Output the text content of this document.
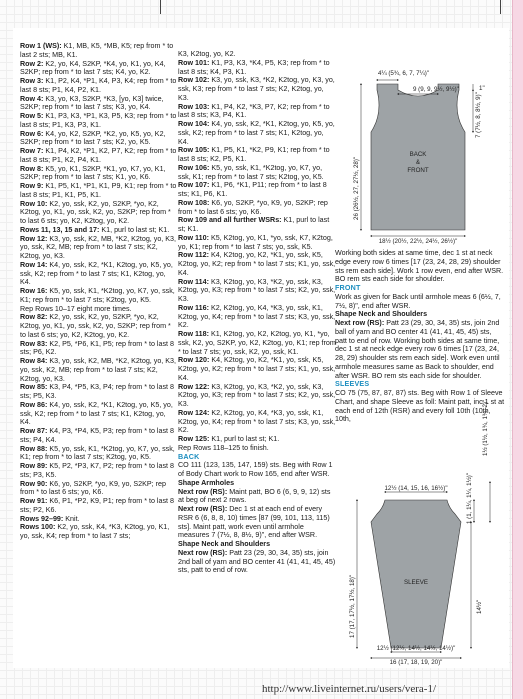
Row 1 (WS): K1, MB, K5, *MB, K5; rep from * to last 2 sts; MB, K1.

Row 2: K2, yo, K4, S2KP, *K4, yo, K1, yo, K4, S2KP; rep from * to last 7 sts; K4, yo, K2.

Row 3: K1, P2, K4, *P1, K4, P3, K4; rep from * to last 8 sts; P1, K4, P2, K1.

Row 4: K3, yo, K3, S2KP, *K3, [yo, K3] twice, S2KP; rep from * to last 7 sts; K3, yo, K4.

Row 5: K1, P3, K3, *P1, K3, P5, K3; rep from * to last 8 sts; P1, K3, P3, K1.

Row 6: K4, yo, K2, S2KP, *K2, yo, K5, yo, K2, S2KP; rep from * to last 7 sts; K2, yo, K5.

Row 7: K1, P4, K2, *P1, K2, P7, K2; rep from * to last 8 sts; P1, K2, P4, K1.

Row 8: K5, yo, K1, S2KP, *K1, yo, K7, yo, K1, S2KP; rep from * to last 7 sts; K1, yo, K6.

Row 9: K1, P5, K1, *P1, K1, P9, K1; rep from * to last 8 sts; P1, K1, P5, K1.

Row 10: K2, yo, ssk, K2, yo, S2KP, *yo, K2, K2tog, yo, K1, yo, ssk, K2, yo, S2KP; rep from * to last 6 sts; yo, K2, K2tog, yo, K2.

Rows 11, 13, 15 and 17: K1, purl to last st; K1.

Row 12: K3, yo, ssk, K2, MB, *K2, K2tog, yo, K3, yo, ssk, K2, MB; rep from * to last 7 sts; K2, K2tog, yo, K3.

Row 14: K4, yo, ssk, K2, *K1, K2tog, yo, K5, yo, ssk, K2; rep from * to last 7 sts; K1, K2tog, yo, K4.

Row 16: K5, yo, ssk, K1, *K2tog, yo, K7, yo, ssk, K1; rep from * to last 7 sts; K2tog, yo, K5.

Rep Rows 10–17 eight more times.

Row 82: K2, yo, ssk, K2, yo, S2KP, *yo, K2, K2tog, yo, K1, yo, ssk, K2, yo, S2KP; rep from * to last 6 sts; yo, K2, K2tog, yo, K2.

Row 83: K2, P5, *P6, K1, P5; rep from * to last 8 sts; P6, K2.

Row 84: K3, yo, ssk, K2, MB, *K2, K2tog, yo, K3, yo, ssk, K2, MB; rep from * to last 7 sts; K2, K2tog, yo, K3.

Row 85: K3, P4, *P5, K3, P4; rep from * to last 8 sts; P5, K3.

Row 86: K4, yo, ssk, K2, *K1, K2tog, yo, K5, yo, ssk, K2; rep from * to last 7 sts; K1, K2tog, yo, K4.

Row 87: K4, P3, *P4, K5, P3; rep from * to last 8 sts; P4, K4.

Row 88: K5, yo, ssk, K1, *K2tog, yo, K7, yo, ssk, K1; rep from * to last 7 sts; K2tog, yo, K5.

Row 89: K5, P2, *P3, K7, P2; rep from * to last 8 sts; P3, K5.

Row 90: K6, yo, S2KP, *yo, K9, yo, S2KP; rep from * to last 6 sts; yo, K6.

Row 91: K6, P1, *P2, K9, P1; rep from * to last 8 sts; P2, K6.

Rows 92–99: Knit.

Rows 100: K2, yo, ssk, K4, *K3, K2tog, yo, K1, yo, ssk, K4; rep from * to last 7 sts;

K3, K2tog, yo, K2.

Row 101: K1, P3, K3, *K4, P5, K3; rep from * to last 8 sts; K4, P3, K1.

Row 102: K3, yo, ssk, K3, *K2, K2tog, yo, K3, yo, ssk, K3; rep from * to last 7 sts; K2, K2tog, yo, K3.

Row 103: K1, P4, K2, *K3, P7, K2; rep from * to last 8 sts; K3, P4, K1.

Row 104: K4, yo, ssk, K2, *K1, K2tog, yo, K5, yo, ssk, K2; rep from * to last 7 sts; K1, K2tog, yo, K4.

Row 105: K1, P5, K1, *K2, P9, K1; rep from * to last 8 sts; K2, P5, K1.

Row 106: K5, yo, ssk, K1, *K2tog, yo, K7, yo, ssk, K1; rep from * to last 7 sts; K2tog, yo, K5.

Row 107: K1, P6, *K1, P11; rep from * to last 8 sts; K1, P6, K1.

Row 108: K6, yo, S2KP, *yo, K9, yo, S2KP; rep from * to last 6 sts; yo, K6.

Row 109 and all further WSRs: K1, purl to last st; K1.

Row 110: K5, K2tog, yo, K1, *yo, ssk, K7, K2tog, yo, K1; rep from * to last 7 sts; yo, ssk, K5.

Row 112: K4, K2tog, yo, K2, *K1, yo, ssk, K5, K2tog, yo, K2; rep from * to last 7 sts; K1, yo, ssk, K4.

Row 114: K3, K2tog, yo, K3, *K2, yo, ssk, K3, K2tog, yo, K3; rep from * to last 7 sts; K2, yo, ssk, K3.

Row 116: K2, K2tog, yo, K4, *K3, yo, ssk, K1, K2tog, yo, K4; rep from * to last 7 sts; K3, yo, ssk, K2.

Row 118: K1, K2tog, yo, K2, K2tog, yo, K1, *yo, ssk, K2, yo, S2KP, yo, K2, K2tog, yo, K1; rep from * to last 7 sts; yo, ssk, K2, yo, ssk, K1.

Row 120: K4, K2tog, yo, K2, *K1, yo, ssk, K5, K2tog, yo, K2; rep from * to last 7 sts; K1, yo, ssk, K4.

Row 122: K3, K2tog, yo, K3, *K2, yo, ssk, K3, K2tog, yo, K3; rep from * to last 7 sts; K2, yo, ssk, K3.

Row 124: K2, K2tog, yo, K4, *K3, yo, ssk, K1, K2tog, yo, K4; rep from * to last 7 sts; K3, yo, ssk, K2.

Row 125: K1, purl to last st; K1.

Rep Rows 118–125 to finish.

BACK

CO 111 (123, 135, 147, 159) sts. Beg with Row 1 of Body Chart work to Row 165, end after WSR.

Shape Armholes

Next row (RS): Maint patt, BO 6 (6, 9, 9, 12) sts at beg of next 2 rows.

Next row (RS): Dec 1 st at each end of every RSR 6 (6, 8, 8, 10) times [87 (99, 101, 113, 115) sts]. Maint patt, work even until armhole measures 7 (7½, 8, 8½, 9)", end after WSR.

Shape Neck and Shoulders

Next row (RS): Patt 23 (29, 30, 34, 35) sts, join 2nd ball of yarn and BO center 41 (41, 41, 45, 45) sts, patt to end of row.

Working both sides at same time, dec 1 st at neck edge every row 6 times [17 (23, 24, 28, 29) shoulder sts rem each side]. Work 1 row even, end after WSR. BO rem sts each side for shoulder.

FRONT

Work as given for Back until armhole meas 6 (6½, 7, 7½, 8)", end after WSR.

Shape Neck and Shoulders

Next row (RS): Patt 23 (29, 30, 34, 35) sts, join 2nd ball of yarn and BO center 41 (41, 41, 45, 45) sts, patt to end of row. Working both sides at same time, dec 1 st at neck edge every row 6 times [17 (23, 24, 28, 29) shoulder sts rem each side]. Work even until armhole measures same as Back to shoulder, end after WSR. BO rem sts each side for shoulder.

SLEEVES

CO 75 (75, 87, 87, 87) sts. Beg with Row 1 of Sleeve Chart, and shape Sleeve as foll: Maint patt, inc 1 st at each end of 12th (RSR) and every foll 10th (10th, 10th,

BACK
&
FRONT
4¼ (5¾, 6, 7, 7¼)"
9 (9, 9, 9½, 9½)"	1"
7 (7½, 8, 8½, 9)"
26 (26½, 27, 27½, 28)"
18½ (20½, 22½, 24½, 26½)"
SLEEVE
12½ (14, 15, 16, 16½)"	1 (1, 1¼, 1¼, 1½)"
1½ (1½, 1¾, 1¾, 2)"
14½"
17 (17, 17½, 17½, 18)"
12½ (12½, 14½, 14½, 14½)"
16 (17, 18, 19, 20)"
http://www.liveinternet.ru/users/vera-1/
